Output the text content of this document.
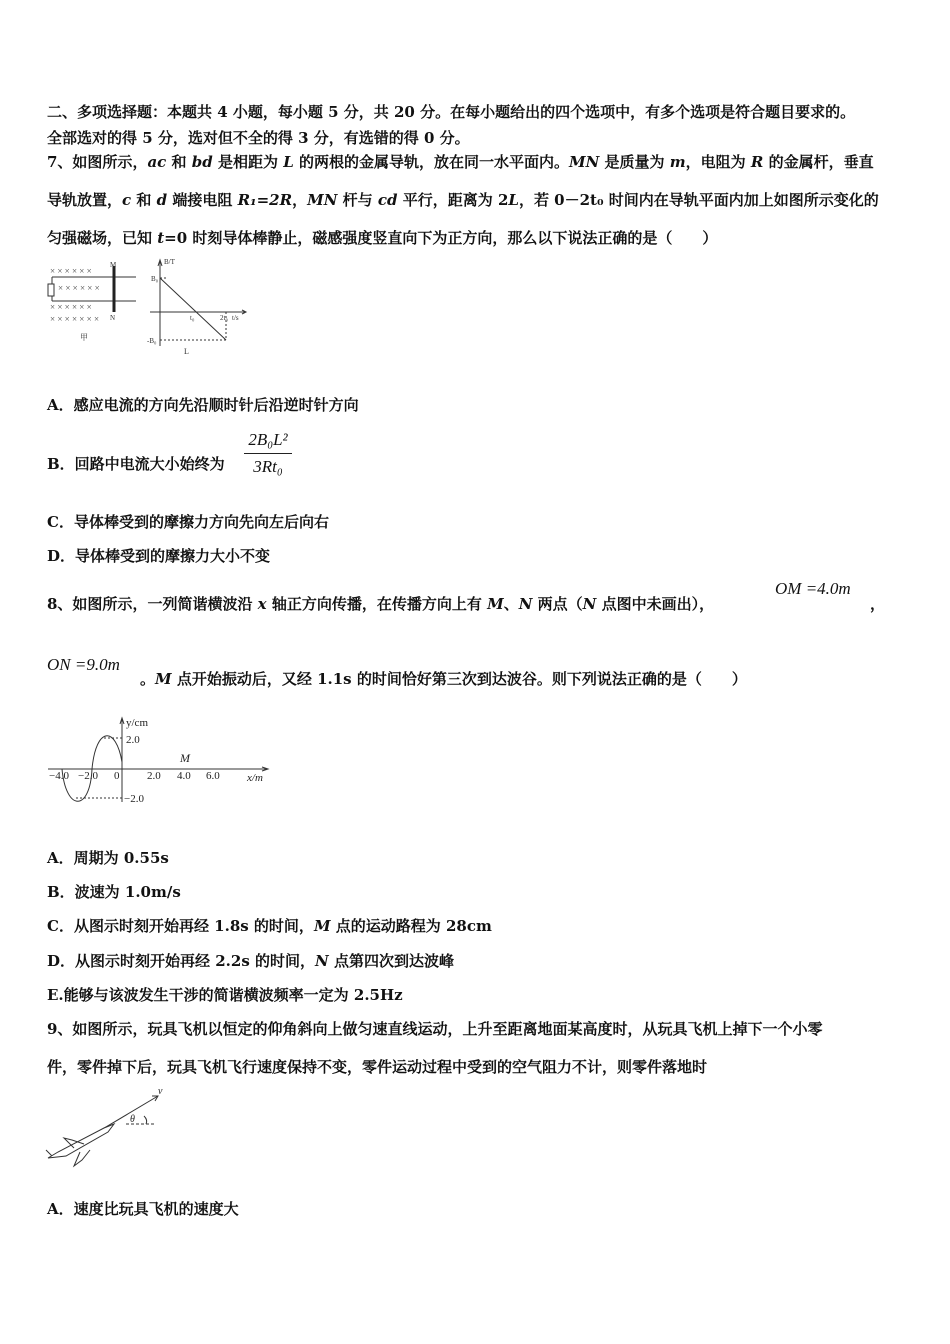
二、多项选择题：本题共 4 小题，每小题 5 分，共 20 分。在每小题给出的四个选项中，有多个选项是符合题目要求的。
全部选对的得 5 分，选对但不全的得 3 分，有选错的得 0 分。
7、如图所示，ac 和 bd 是相距为 L 的两根的金属导轨，放在同一水平面内。MN 是质量为 m，电阻为 R 的金属杆，垂直
导轨放置，c 和 d 端接电阻 R₁=2R，MN 杆与 cd 平行，距离为 2L，若 0－2t₀ 时间内在导轨平面内加上如图所示变化的
匀强磁场，已知 t=0 时刻导体棒静止，磁感强度竖直向下为正方向，那么以下说法正确的是（　　）
× × × × × ×
× × × × × ×
× × × × × ×
× × × × × × ×
M
N
甲
B/T
t/s
B₀
-B₀
t₀	2t₀
L
A．感应电流的方向先沿顺时针后沿逆时针方向
B．回路中电流大小始终为
2B₀L²
3Rt₀
C．导体棒受到的摩擦力方向先向左后向右
D．导体棒受到的摩擦力大小不变
8、如图所示，一列简谐横波沿 x 轴正方向传播，在传播方向上有 M、N 两点（N 点图中未画出），
OM =4.0m
，
ON =9.0m
。M 点开始振动后，又经 1.1s 的时间恰好第三次到达波谷。则下列说法正确的是（　　）
y/cm
2.0
−2.0
−4.0 −2.0 0	2.0 4.0 6.0
M
x/m
A．周期为 0.55s
B．波速为 1.0m/s
C．从图示时刻开始再经 1.8s 的时间，M 点的运动路程为 28cm
D．从图示时刻开始再经 2.2s 的时间，N 点第四次到达波峰
E.能够与该波发生干涉的简谐横波频率一定为 2.5Hz
9、如图所示，玩具飞机以恒定的仰角斜向上做匀速直线运动，上升至距离地面某高度时，从玩具飞机上掉下一个小零
件，零件掉下后，玩具飞机飞行速度保持不变，零件运动过程中受到的空气阻力不计，则零件落地时
v
θ
A．速度比玩具飞机的速度大
